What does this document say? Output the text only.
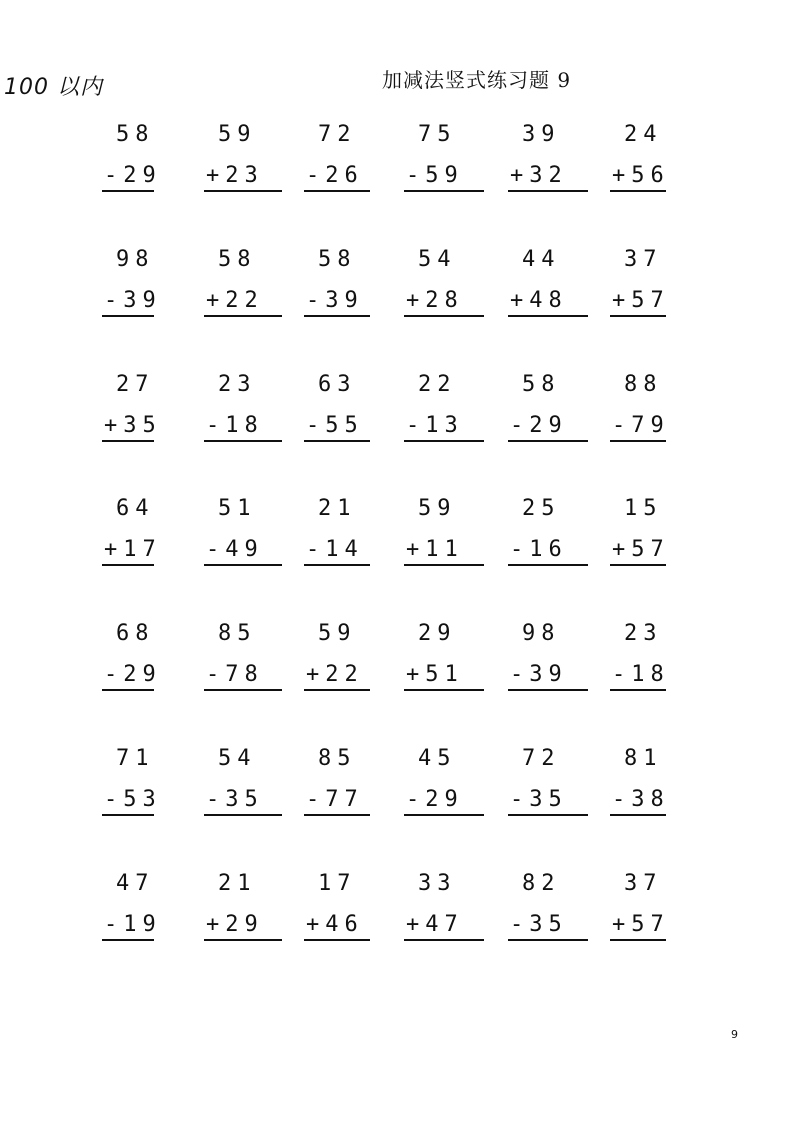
100 以内	加减法竖式练习题 9
58
-29
59
+23
72
-26
75
-59
39
+32
24
+56
98
-39
58
+22
58
-39
54
+28
44
+48
37
+57
27
+35
23
-18
63
-55
22
-13
58
-29
88
-79
64
+17
51
-49
21
-14
59
+11
25
-16
15
+57
68
-29
85
-78
59
+22
29
+51
98
-39
23
-18
71
-53
54
-35
85
-77
45
-29
72
-35
81
-38
47
-19
21
+29
17
+46
33
+47
82
-35
37
+57
9
